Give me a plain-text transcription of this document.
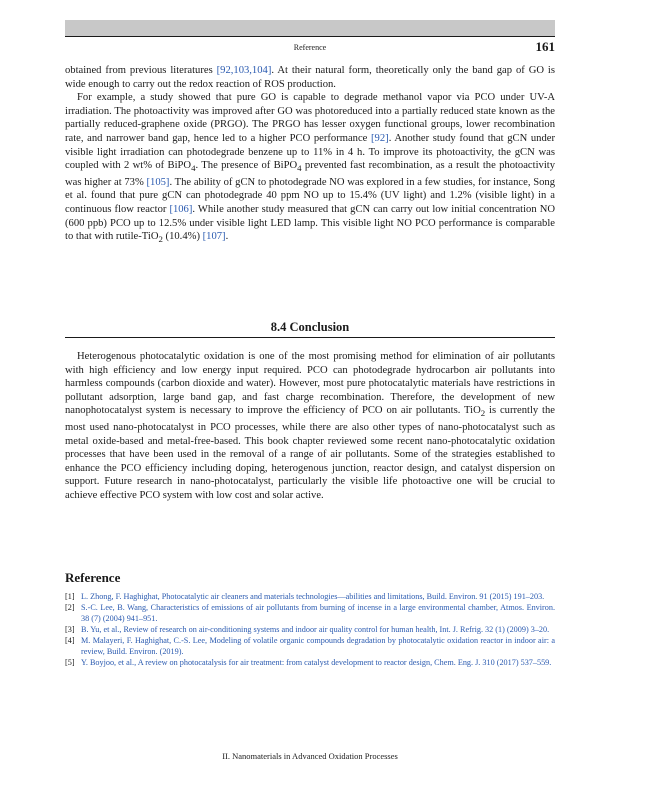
Reference	161

obtained from previous literatures [92,103,104]. At their natural form, theoretically only the band gap of GO is wide enough to carry out the redox reaction of ROS production.

For example, a study showed that pure GO is capable to degrade methanol vapor via PCO under UV-A irradiation. The photoactivity was improved after GO was photoreduced into a partially reduced state known as the partially reduced-graphene oxide (PRGO). The PRGO has lesser oxygen functional groups, lower recombination rate, and narrower band gap, hence led to a higher PCO performance [92]. Another study found that gCN under visible light irradiation can photodegrade benzene up to 11% in 4 h. To improve its photoactivity, the gCN was coupled with 2 wt% of BiPO$_4$. The presence of BiPO$_4$ prevented fast recombination, as a result the photoactivity was higher at 73% [105]. The ability of gCN to photodegrade NO was explored in a few studies, for instance, Song et al. found that pure gCN can photodegrade 40 ppm NO up to 15.4% (UV light) and 1.2% (visible light) in a continuous flow reactor [106]. While another study measured that gCN can carry out low initial concentration NO (600 ppb) PCO up to 12.5% under visible light LED lamp. This visible light NO PCO performance is comparable to that with rutile-TiO$_2$ (10.4%) [107].

8.4 Conclusion

Heterogenous photocatalytic oxidation is one of the most promising method for elimination of air pollutants with high efficiency and low energy input required. PCO can photodegrade hydrocarbon air pollutants into harmless compounds (carbon dioxide and water). However, most pure photocatalytic materials have restrictions in pollutant adsorption, large band gap, and fast charge recombination. Therefore, the development of new nanophotocatalyst system is necessary to improve the efficiency of PCO on air pollutants. TiO$_2$ is currently the most used nano-photocatalyst in PCO processes, while there are also other types of nano-photocatalyst such as metal oxide-based and metal-free-based. This book chapter reviewed some recent nano-photocatalytic oxidation processes that have been used in the removal of a range of air pollutants. Some of the strategies established to enhance the PCO efficiency including doping, heterogenous junction, reactor design, and catalyst dispersion on support. Future research in nano-photocatalyst, particularly the visible life photoactive one will be crucial to achieve effective PCO system with low cost and solar active.

Reference
[1] L. Zhong, F. Haghighat, Photocatalytic air cleaners and materials technologies—abilities and limitations, Build. Environ. 91 (2015) 191–203.
[2] S.-C. Lee, B. Wang, Characteristics of emissions of air pollutants from burning of incense in a large environmental chamber, Atmos. Environ. 38 (7) (2004) 941–951.
[3] B. Yu, et al., Review of research on air-conditioning systems and indoor air quality control for human health, Int. J. Refrig. 32 (1) (2009) 3–20.
[4] M. Malayeri, F. Haghighat, C.-S. Lee, Modeling of volatile organic compounds degradation by photocatalytic oxidation reactor in indoor air: a review, Build. Environ. (2019).
[5] Y. Boyjoo, et al., A review on photocatalysis for air treatment: from catalyst development to reactor design, Chem. Eng. J. 310 (2017) 537–559.
II. Nanomaterials in Advanced Oxidation Processes
